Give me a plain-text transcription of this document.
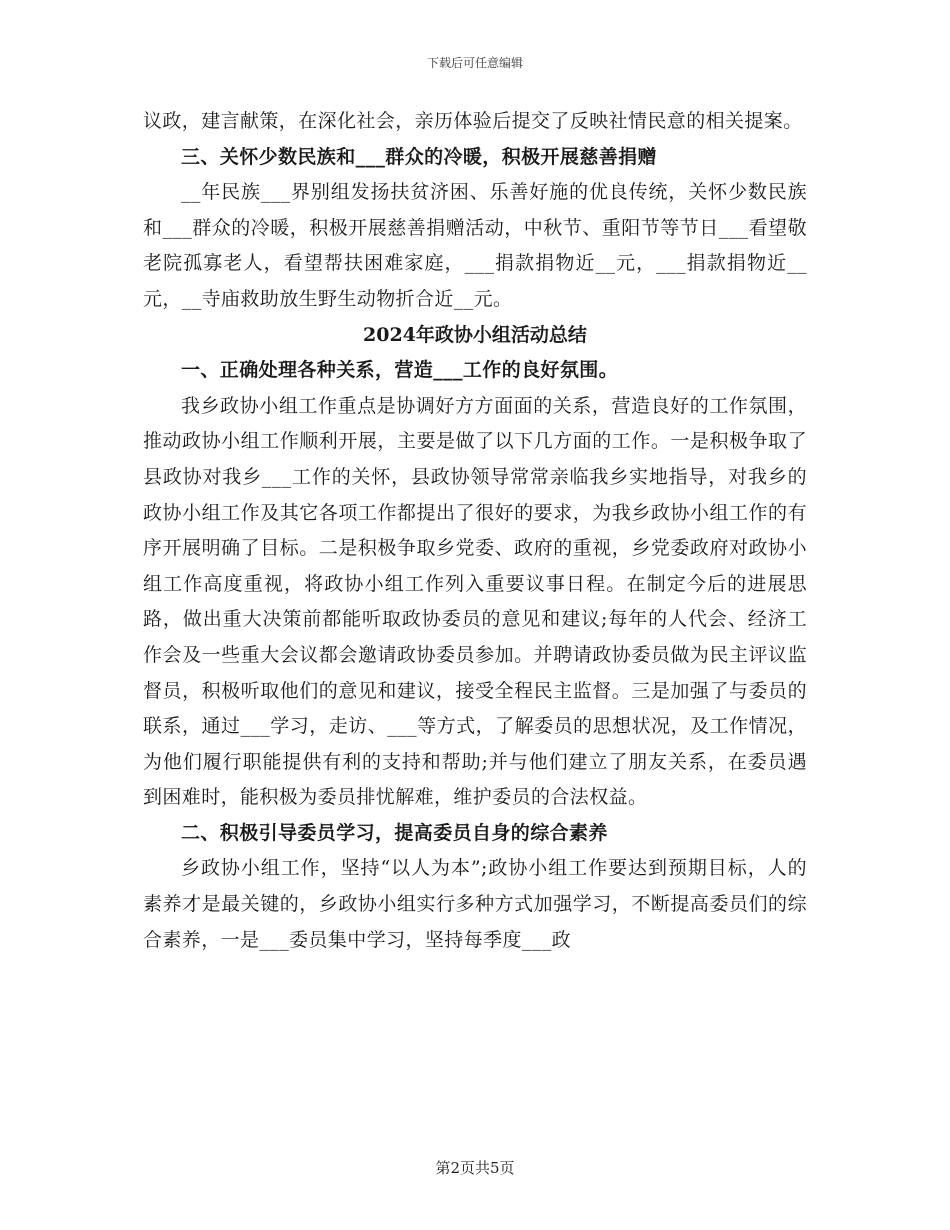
下载后可任意编辑

议政，建言献策，在深化社会，亲历体验后提交了反映社情民意的相关提案。

三、关怀少数民族和___群众的冷暖，积极开展慈善捐赠

__年民族___界别组发扬扶贫济困、乐善好施的优良传统，关怀少数民族和___群众的冷暖，积极开展慈善捐赠活动，中秋节、重阳节等节日___看望敬老院孤寡老人，看望帮扶困难家庭，___捐款捐物近__元，___捐款捐物近__元，__寺庙救助放生野生动物折合近__元。

2024年政协小组活动总结

一、正确处理各种关系，营造___工作的良好氛围。

我乡政协小组工作重点是协调好方方面面的关系，营造良好的工作氛围，推动政协小组工作顺利开展，主要是做了以下几方面的工作。一是积极争取了县政协对我乡___工作的关怀，县政协领导常常亲临我乡实地指导，对我乡的政协小组工作及其它各项工作都提出了很好的要求，为我乡政协小组工作的有序开展明确了目标。二是积极争取乡党委、政府的重视，乡党委政府对政协小组工作高度重视，将政协小组工作列入重要议事日程。在制定今后的进展思路，做出重大决策前都能听取政协委员的意见和建议;每年的人代会、经济工作会及一些重大会议都会邀请政协委员参加。并聘请政协委员做为民主评议监督员，积极听取他们的意见和建议，接受全程民主监督。三是加强了与委员的联系，通过___学习，走访、___等方式，了解委员的思想状况，及工作情况，为他们履行职能提供有利的支持和帮助;并与他们建立了朋友关系，在委员遇到困难时，能积极为委员排忧解难，维护委员的合法权益。

二、积极引导委员学习，提高委员自身的综合素养

乡政协小组工作，坚持“以人为本”;政协小组工作要达到预期目标，人的素养才是最关键的，乡政协小组实行多种方式加强学习，不断提高委员们的综合素养，一是___委员集中学习，坚持每季度___政

第2页共5页
